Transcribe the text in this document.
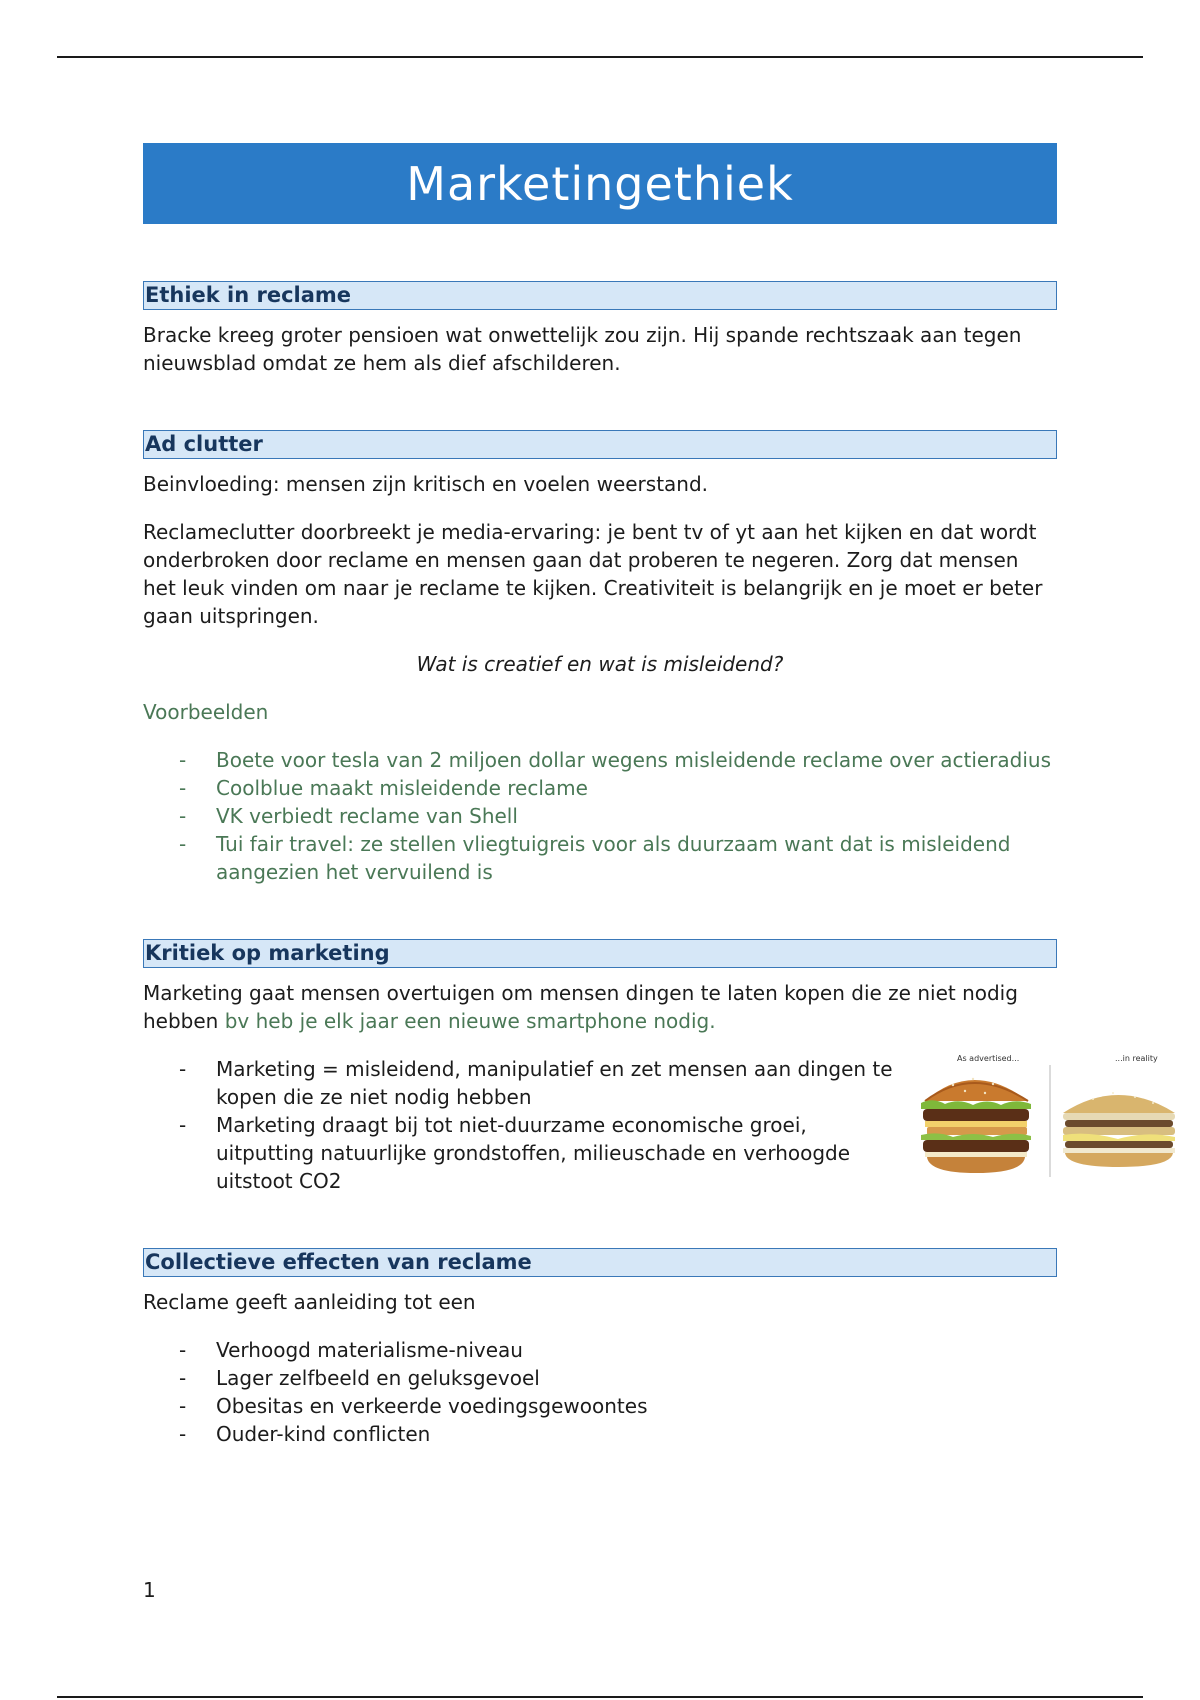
Marketingethiek
Ethiek in reclame

Bracke kreeg groter pensioen wat onwettelijk zou zijn. Hij spande rechtszaak aan tegen nieuwsblad omdat ze hem als dief afschilderen.

Ad clutter

Beinvloeding: mensen zijn kritisch en voelen weerstand.

Reclameclutter doorbreekt je media-ervaring: je bent tv of yt aan het kijken en dat wordt onderbroken door reclame en mensen gaan dat proberen te negeren. Zorg dat mensen het leuk vinden om naar je reclame te kijken. Creativiteit is belangrijk en je moet er beter gaan uitspringen.

Wat is creatief en wat is misleidend?
Voorbeelden
- Boete voor tesla van 2 miljoen dollar wegens misleidende reclame over actieradius
- Coolblue maakt misleidende reclame
- VK verbiedt reclame van Shell
- Tui fair travel: ze stellen vliegtuigreis voor als duurzaam want dat is misleidend aangezien het vervuilend is
Kritiek op marketing

Marketing gaat mensen overtuigen om mensen dingen te laten kopen die ze niet nodig hebben bv heb je elk jaar een nieuwe smartphone nodig.

- Marketing = misleidend, manipulatief en zet mensen aan dingen te kopen die ze niet nodig hebben
- Marketing draagt bij tot niet-duurzame economische groei, uitputting natuurlijke grondstoffen, milieuschade en verhoogde uitstoot CO2
As advertised...	...in reality
Collectieve effecten van reclame

Reclame geeft aanleiding tot een

- Verhoogd materialisme-niveau
- Lager zelfbeeld en geluksgevoel
- Obesitas en verkeerde voedingsgewoontes
- Ouder-kind conflicten
1
